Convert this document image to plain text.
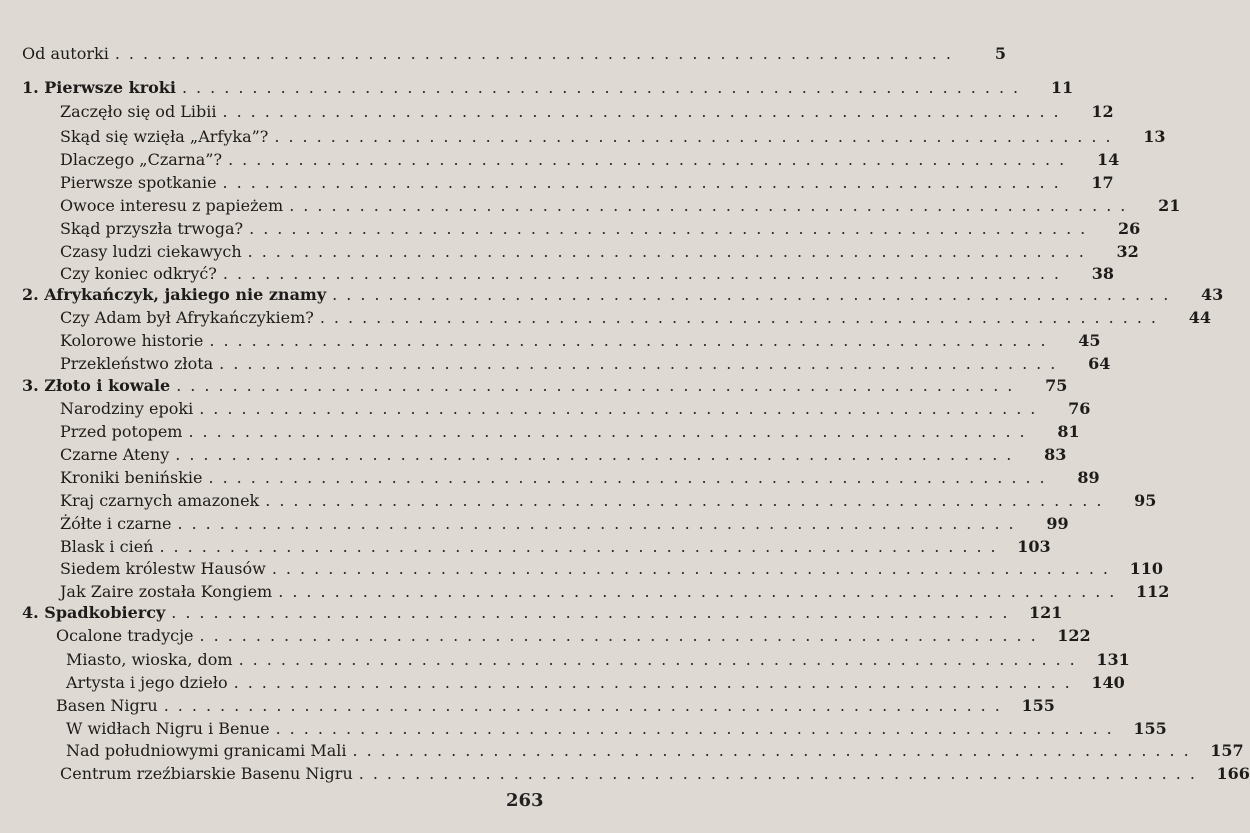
Od autorki ............................................................	5
1. Pierwsze kroki ............................................................	11
Zaczęło się od Libii ............................................................	12
Skąd się wzięła „Arfyka”? ............................................................	13
Dlaczego „Czarna”? ............................................................	14
Pierwsze spotkanie ............................................................	17
Owoce interesu z papieżem ............................................................	21
Skąd przyszła trwoga? ............................................................	26
Czasy ludzi ciekawych ............................................................	32
Czy koniec odkryć? ............................................................	38
2. Afrykańczyk, jakiego nie znamy ............................................................	43
Czy Adam był Afrykańczykiem? ............................................................	44
Kolorowe historie ............................................................	45
Przekleństwo złota ............................................................	64
3. Złoto i kowale ............................................................	75
Narodziny epoki ............................................................	76
Przed potopem ............................................................	81
Czarne Ateny ............................................................	83
Kroniki benińskie ............................................................	89
Kraj czarnych amazonek ............................................................	95
Żółte i czarne ............................................................	99
Blask i cień ............................................................ 103
Siedem królestw Hausów ............................................................ 110
Jak Zaire została Kongiem ............................................................ 112
4. Spadkobiercy ............................................................ 121
Ocalone tradycje ............................................................ 122
Miasto, wioska, dom ............................................................ 131
Artysta i jego dzieło ............................................................ 140
Basen Nigru ............................................................ 155
W widłach Nigru i Benue ............................................................ 155
Nad południowymi granicami Mali ............................................................ 157
Centrum rzeźbiarskie Basenu Nigru ............................................................ 166
263
